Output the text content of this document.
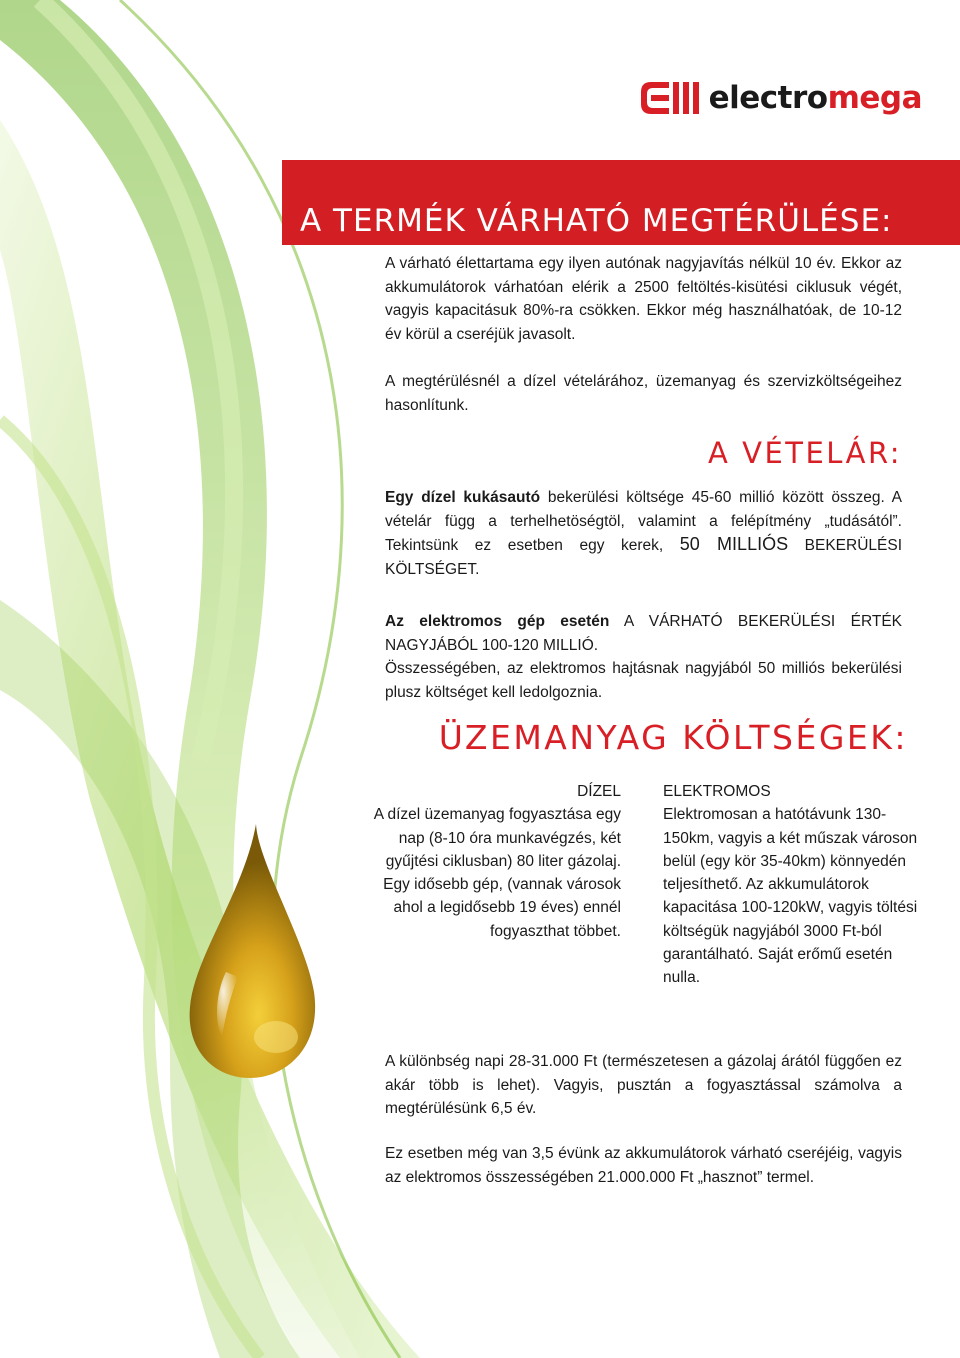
electromega
A TERMÉK VÁRHATÓ MEGTÉRÜLÉSE:
A várható élettartama egy ilyen autónak nagyjavítás nélkül 10 év. Ekkor az akkumulátorok várhatóan elérik a 2500 feltöltés-kisütési ciklusuk végét, vagyis kapacitásuk 80%-ra csökken. Ekkor még használhatóak, de 10-12 év körül a cseréjük javasolt.
A megtérülésnél a dízel vételárához, üzemanyag és szervizköltségeihez hasonlítunk.
A VÉTELÁR:
Egy dízel kukásautó bekerülési költsége 45-60 millió között összeg. A vételár függ a terhelhetöségtöl, valamint a felépítmény „tudásától”. Tekintsünk ez esetben egy kerek, 50 MILLIÓS BEKERÜLÉSI KÖLTSÉGET.
Az elektromos gép esetén A VÁRHATÓ BEKERÜLÉSI ÉRTÉK NAGYJÁBÓL 100-120 MILLIÓ.
Összességében, az elektromos hajtásnak nagyjából 50 milliós bekerülési plusz költséget kell ledolgoznia.
ÜZEMANYAG KÖLTSÉGEK:
DÍZEL
A dízel üzemanyag fogyasztása egy nap (8-10 óra munkavégzés, két gyűjtési ciklusban) 80 liter gázolaj. Egy idősebb gép, (vannak városok ahol a legidősebb 19 éves) ennél fogyaszthat többet.
ELEKTROMOS
Elektromosan a hatótávunk 130-150km, vagyis a két műszak városon belül (egy kör 35-40km) könnyedén teljesíthető. Az akkumulátorok kapacitása 100-120kW, vagyis töltési költségük nagyjából 3000 Ft-ból garantálható. Saját erőmű esetén nulla.
A különbség napi 28-31.000 Ft (természetesen a gázolaj árától függően ez akár több is lehet). Vagyis, pusztán a fogyasztással számolva a megtérülésünk 6,5 év.
Ez esetben még van 3,5 évünk az akkumulátorok várható cseréjéig, vagyis az elektromos összességében 21.000.000 Ft „hasznot” termel.
